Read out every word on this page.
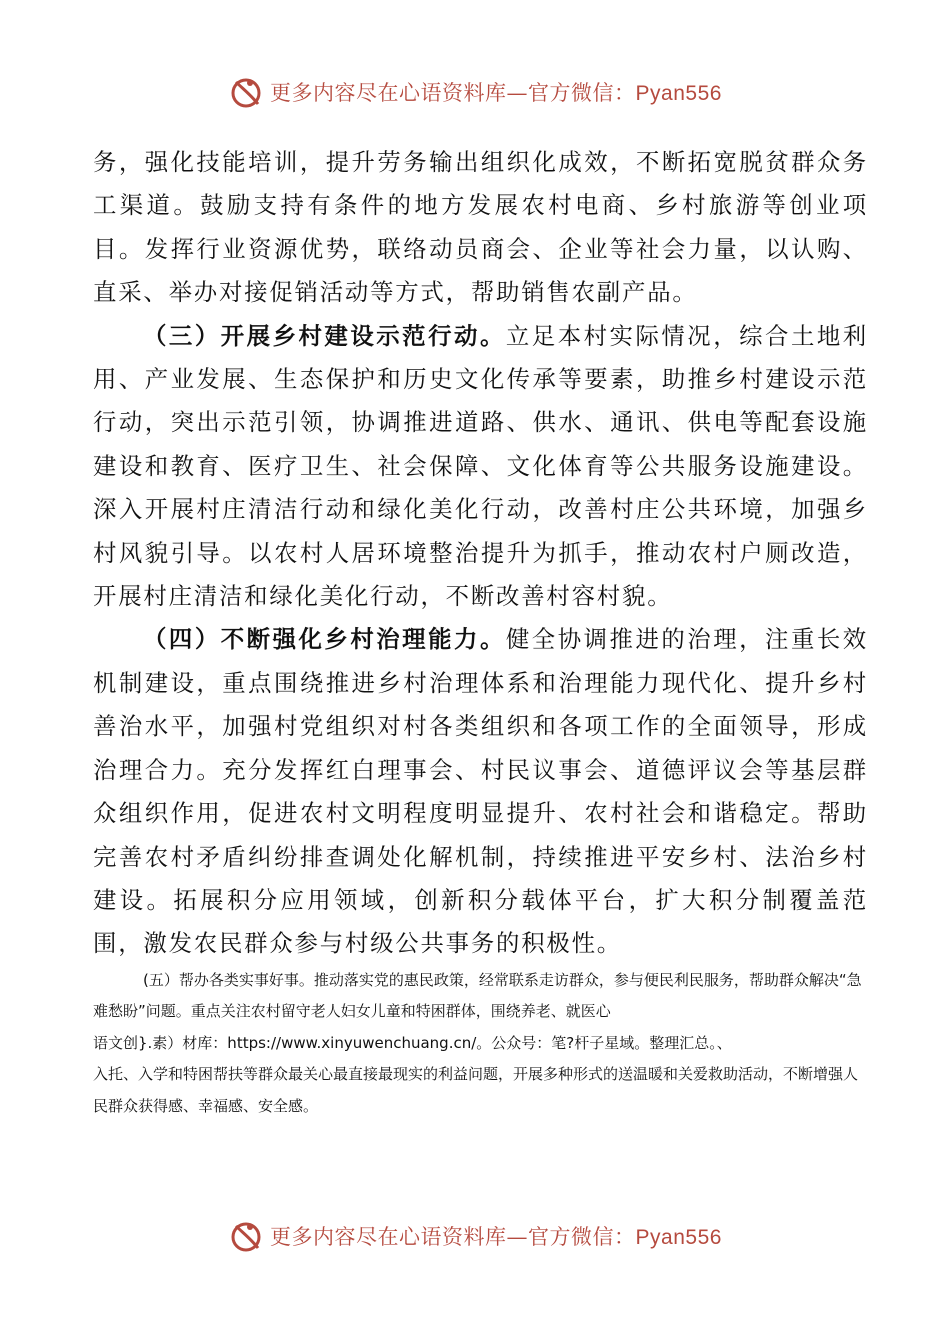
更多内容尽在心语资料库—官方微信：Pyan556

务，强化技能培训，提升劳务输出组织化成效，不断拓宽脱贫群众务工渠道。鼓励支持有条件的地方发展农村电商、乡村旅游等创业项目。发挥行业资源优势，联络动员商会、企业等社会力量，以认购、直采、举办对接促销活动等方式，帮助销售农副产品。

（三）开展乡村建设示范行动。立足本村实际情况，综合土地利用、产业发展、生态保护和历史文化传承等要素，助推乡村建设示范行动，突出示范引领，协调推进道路、供水、通讯、供电等配套设施建设和教育、医疗卫生、社会保障、文化体育等公共服务设施建设。深入开展村庄清洁行动和绿化美化行动，改善村庄公共环境，加强乡村风貌引导。以农村人居环境整治提升为抓手，推动农村户厕改造，开展村庄清洁和绿化美化行动，不断改善村容村貌。

（四）不断强化乡村治理能力。健全协调推进的治理，注重长效机制建设，重点围绕推进乡村治理体系和治理能力现代化、提升乡村善治水平，加强村党组织对村各类组织和各项工作的全面领导，形成治理合力。充分发挥红白理事会、村民议事会、道德评议会等基层群众组织作用，促进农村文明程度明显提升、农村社会和谐稳定。帮助完善农村矛盾纠纷排查调处化解机制，持续推进平安乡村、法治乡村建设。拓展积分应用领域，创新积分载体平台，扩大积分制覆盖范围，激发农民群众参与村级公共事务的积极性。

(五）帮办各类实事好事。推动落实党的惠民政策，经常联系走访群众，参与便民利民服务，帮助群众解决“急难愁盼”问题。重点关注农村留守老人妇女儿童和特困群体，围绕养老、就医心

语文创}.素）材库：https://www.xinyuwenchuang.cn/。公众号：笔?杆子星域。整理汇总。、

入托、入学和特困帮扶等群众最关心最直接最现实的利益问题，开展多种形式的送温暖和关爱救助活动，不断增强人民群众获得感、幸福感、安全感。

更多内容尽在心语资料库—官方微信：Pyan556
